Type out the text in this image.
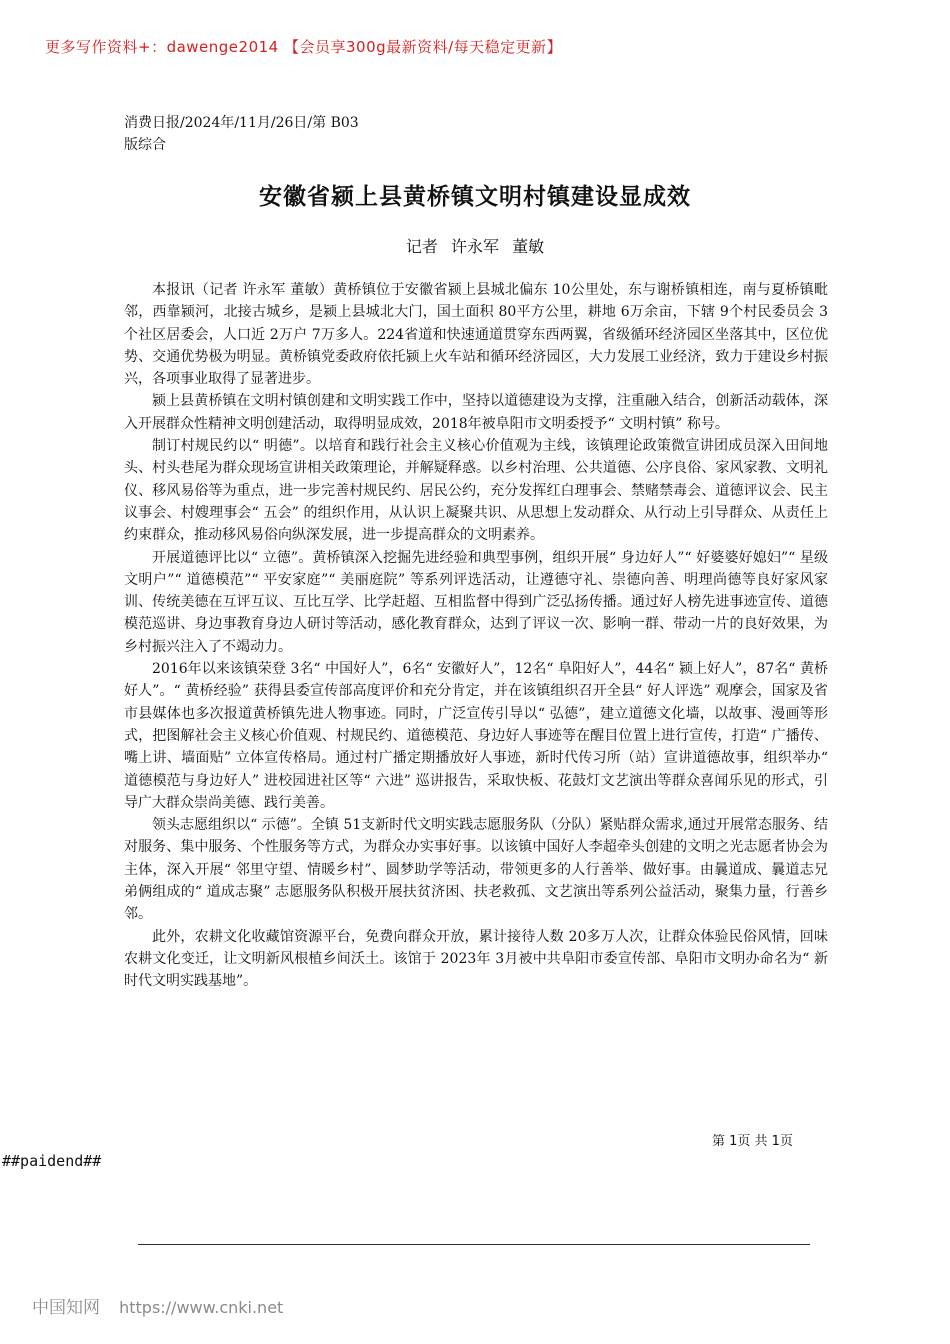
更多写作资料+：dawenge2014 【会员享300g最新资料/每天稳定更新】
消费日报/2024年/11月/26日/第 B03
版综合
安徽省颍上县黄桥镇文明村镇建设显成效
记者 许永军 董敏

本报讯（记者 许永军 董敏）黄桥镇位于安徽省颍上县城北偏东 10公里处，东与谢桥镇相连，南与夏桥镇毗邻，西靠颍河，北接古城乡，是颍上县城北大门，国土面积 80平方公里，耕地 6万余亩，下辖 9个村民委员会 3个社区居委会，人口近 2万户 7万多人。224省道和快速通道贯穿东西两翼，省级循环经济园区坐落其中，区位优势、交通优势极为明显。黄桥镇党委政府依托颍上火车站和循环经济园区，大力发展工业经济，致力于建设乡村振兴，各项事业取得了显著进步。

颍上县黄桥镇在文明村镇创建和文明实践工作中，坚持以道德建设为支撑，注重融入结合，创新活动载体，深入开展群众性精神文明创建活动，取得明显成效，2018年被阜阳市文明委授予“ 文明村镇” 称号。

制订村规民约以“ 明德”。以培育和践行社会主义核心价值观为主线，该镇理论政策微宣讲团成员深入田间地头、村头巷尾为群众现场宣讲相关政策理论，并解疑释惑。以乡村治理、公共道德、公序良俗、家风家教、文明礼仪、移风易俗等为重点，进一步完善村规民约、居民公约，充分发挥红白理事会、禁赌禁毒会、道德评议会、民主议事会、村嫂理事会“ 五会” 的组织作用，从认识上凝聚共识、从思想上发动群众、从行动上引导群众、从责任上约束群众，推动移风易俗向纵深发展，进一步提高群众的文明素养。

开展道德评比以“ 立德”。黄桥镇深入挖掘先进经验和典型事例，组织开展“ 身边好人”“ 好婆婆好媳妇”“ 星级文明户”“ 道德模范”“ 平安家庭”“ 美丽庭院” 等系列评选活动，让遵德守礼、崇德向善、明理尚德等良好家风家训、传统美德在互评互议、互比互学、比学赶超、互相监督中得到广泛弘扬传播。通过好人榜先进事迹宣传、道德模范巡讲、身边事教育身边人研讨等活动，感化教育群众，达到了评议一次、影响一群、带动一片的良好效果，为乡村振兴注入了不竭动力。

2016年以来该镇荣登 3名“ 中国好人”，6名“ 安徽好人”，12名“ 阜阳好人”，44名“ 颍上好人”，87名“ 黄桥好人”。“ 黄桥经验” 获得县委宣传部高度评价和充分肯定，并在该镇组织召开全县“ 好人评选” 观摩会，国家及省市县媒体也多次报道黄桥镇先进人物事迹。同时，广泛宣传引导以“ 弘德”，建立道德文化墙，以故事、漫画等形式，把图解社会主义核心价值观、村规民约、道德模范、身边好人事迹等在醒目位置上进行宣传，打造“ 广播传、嘴上讲、墙面贴” 立体宣传格局。通过村广播定期播放好人事迹，新时代传习所（站）宣讲道德故事，组织举办“ 道德模范与身边好人” 进校园进社区等“ 六进” 巡讲报告，采取快板、花鼓灯文艺演出等群众喜闻乐见的形式，引导广大群众崇尚美德、践行美善。

领头志愿组织以“ 示德”。全镇 51支新时代文明实践志愿服务队（分队）紧贴群众需求,通过开展常态服务、结对服务、集中服务、个性服务等方式，为群众办实事好事。以该镇中国好人李超牵头创建的文明之光志愿者协会为主体，深入开展“ 邻里守望、情暖乡村”、圆梦助学等活动，带领更多的人行善举、做好事。由曩道成、曩道志兄弟俩组成的“ 道成志聚” 志愿服务队积极开展扶贫济困、扶老救孤、文艺演出等系列公益活动，聚集力量，行善乡邻。

此外，农耕文化收藏馆资源平台，免费向群众开放，累计接待人数 20多万人次，让群众体验民俗风情，回味农耕文化变迁，让文明新风根植乡间沃土。该馆于 2023年 3月被中共阜阳市委宣传部、阜阳市文明办命名为“ 新时代文明实践基地”。

第 1页 共 1页
##paidend##
中国知网 https://www.cnki.net
